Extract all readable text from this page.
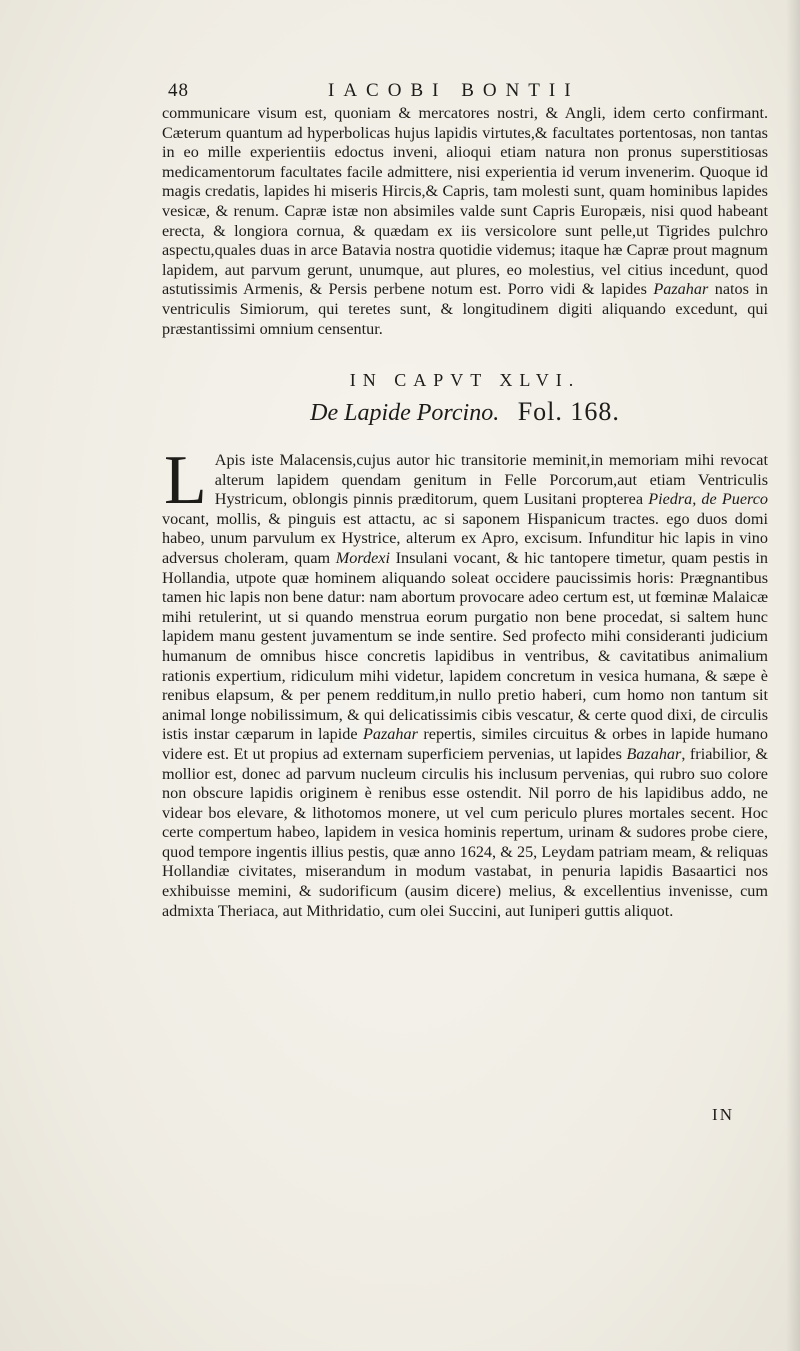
48	IACOBI BONTII

communicare visum est, quoniam & mercatores nostri, & Angli, idem certo confirmant. Cæterum quantum ad hyperbolicas hujus lapidis virtutes,& facultates portentosas, non tantas in eo mille experientiis edoctus inveni, alioqui etiam natura non pronus superstitiosas medicamentorum facultates facile admittere, nisi experientia id verum invenerim. Quoque id magis credatis, lapides hi miseris Hircis,& Capris, tam molesti sunt, quam hominibus lapides vesicæ, & renum. Capræ istæ non absimiles valde sunt Capris Europæis, nisi quod habeant erecta, & longiora cornua, & quædam ex iis versicolore sunt pelle,ut Tigrides pulchro aspectu,quales duas in arce Batavia nostra quotidie videmus; itaque hæ Capræ prout magnum lapidem, aut parvum gerunt, unumque, aut plures, eo molestius, vel citius incedunt, quod astutissimis Armenis, & Persis perbene notum est. Porro vidi & lapides Pazahar natos in ventriculis Simiorum, qui teretes sunt, & longitudinem digiti aliquando excedunt, qui præstantissimi omnium censentur.

IN CAPVT XLVI.
De Lapide Porcino. Fol. 168.

L Apis iste Malacensis,cujus autor hic transitorie meminit,in memoriam mihi revocat alterum lapidem quendam genitum in Felle Porcorum,aut etiam Ventriculis Hystricum, oblongis pinnis præditorum, quem Lusitani propterea Piedra, de Puerco vocant, mollis, & pinguis est attactu, ac si saponem Hispanicum tractes. ego duos domi habeo, unum parvulum ex Hystrice, alterum ex Apro, excisum. Infunditur hic lapis in vino adversus choleram, quam Mordexi Insulani vocant, & hic tantopere timetur, quam pestis in Hollandia, utpote quæ hominem aliquando soleat occidere paucissimis horis: Prægnantibus tamen hic lapis non bene datur: nam abortum provocare adeo certum est, ut fœminæ Malaicæ mihi retulerint, ut si quando menstrua eorum purgatio non bene procedat, si saltem hunc lapidem manu gestent juvamentum se inde sentire. Sed profecto mihi consideranti judicium humanum de omnibus hisce concretis lapidibus in ventribus, & cavitatibus animalium rationis expertium, ridiculum mihi videtur, lapidem concretum in vesica humana, & sæpe è renibus elapsum, & per penem redditum,in nullo pretio haberi, cum homo non tantum sit animal longe nobilissimum, & qui delicatissimis cibis vescatur, & certe quod dixi, de circulis istis instar cæparum in lapide Pazahar repertis, similes circuitus & orbes in lapide humano videre est. Et ut propius ad externam superficiem pervenias, ut lapides Bazahar, friabilior, & mollior est, donec ad parvum nucleum circulis his inclusum pervenias, qui rubro suo colore non obscure lapidis originem è renibus esse ostendit. Nil porro de his lapidibus addo, ne videar bos elevare, & lithotomos monere, ut vel cum periculo plures mortales secent. Hoc certe compertum habeo, lapidem in vesica hominis repertum, urinam & sudores probe ciere, quod tempore ingentis illius pestis, quæ anno 1624, & 25, Leydam patriam meam, & reliquas Hollandiæ civitates, miserandum in modum vastabat, in penuria lapidis Basaartici nos exhibuisse memini, & sudorificum (ausim dicere) melius, & excellentius invenisse, cum admixta Theriaca, aut Mithridatio, cum olei Succini, aut Iuniperi guttis aliquot.

IN
